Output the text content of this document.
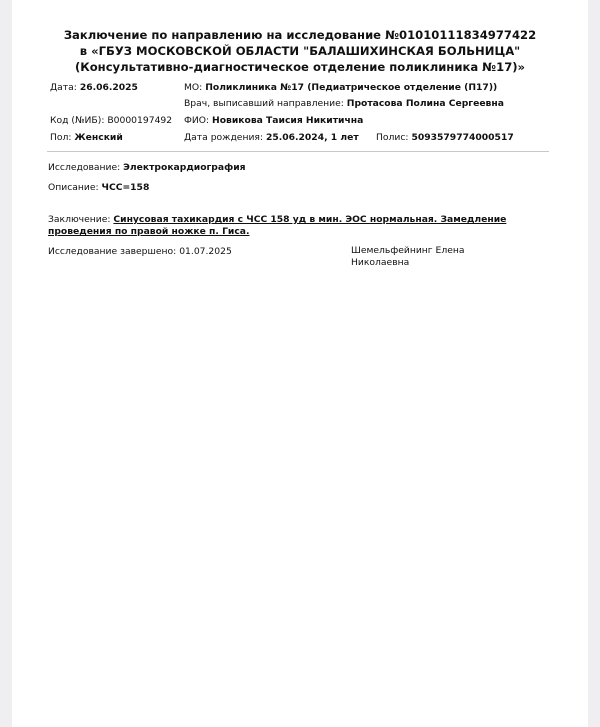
Заключение по направлению на исследование №01010111834977422
в «ГБУЗ МОСКОВСКОЙ ОБЛАСТИ "БАЛАШИХИНСКАЯ БОЛЬНИЦА"
(Консультативно-диагностическое отделение поликлиника №17)»
Дата: 26.06.2025	МО: Поликлиника №17 (Педиатрическое отделение (П17))
Врач, выписавший направление: Протасова Полина Сергеевна
Код (№ИБ): B0000197492 ФИО: Новикова Таисия Никитична
Пол: Женский	Дата рождения: 25.06.2024, 1 лет Полис: 5093579774000517
Исследование: Электрокардиография
Описание: ЧСС=158
Заключение: Синусовая тахикардия с ЧСС 158 уд в мин. ЭОС нормальная. Замедление проведения по правой ножке п. Гиса.
Исследование завершено: 01.07.2025	Шемельфейнинг Елена Николаевна
